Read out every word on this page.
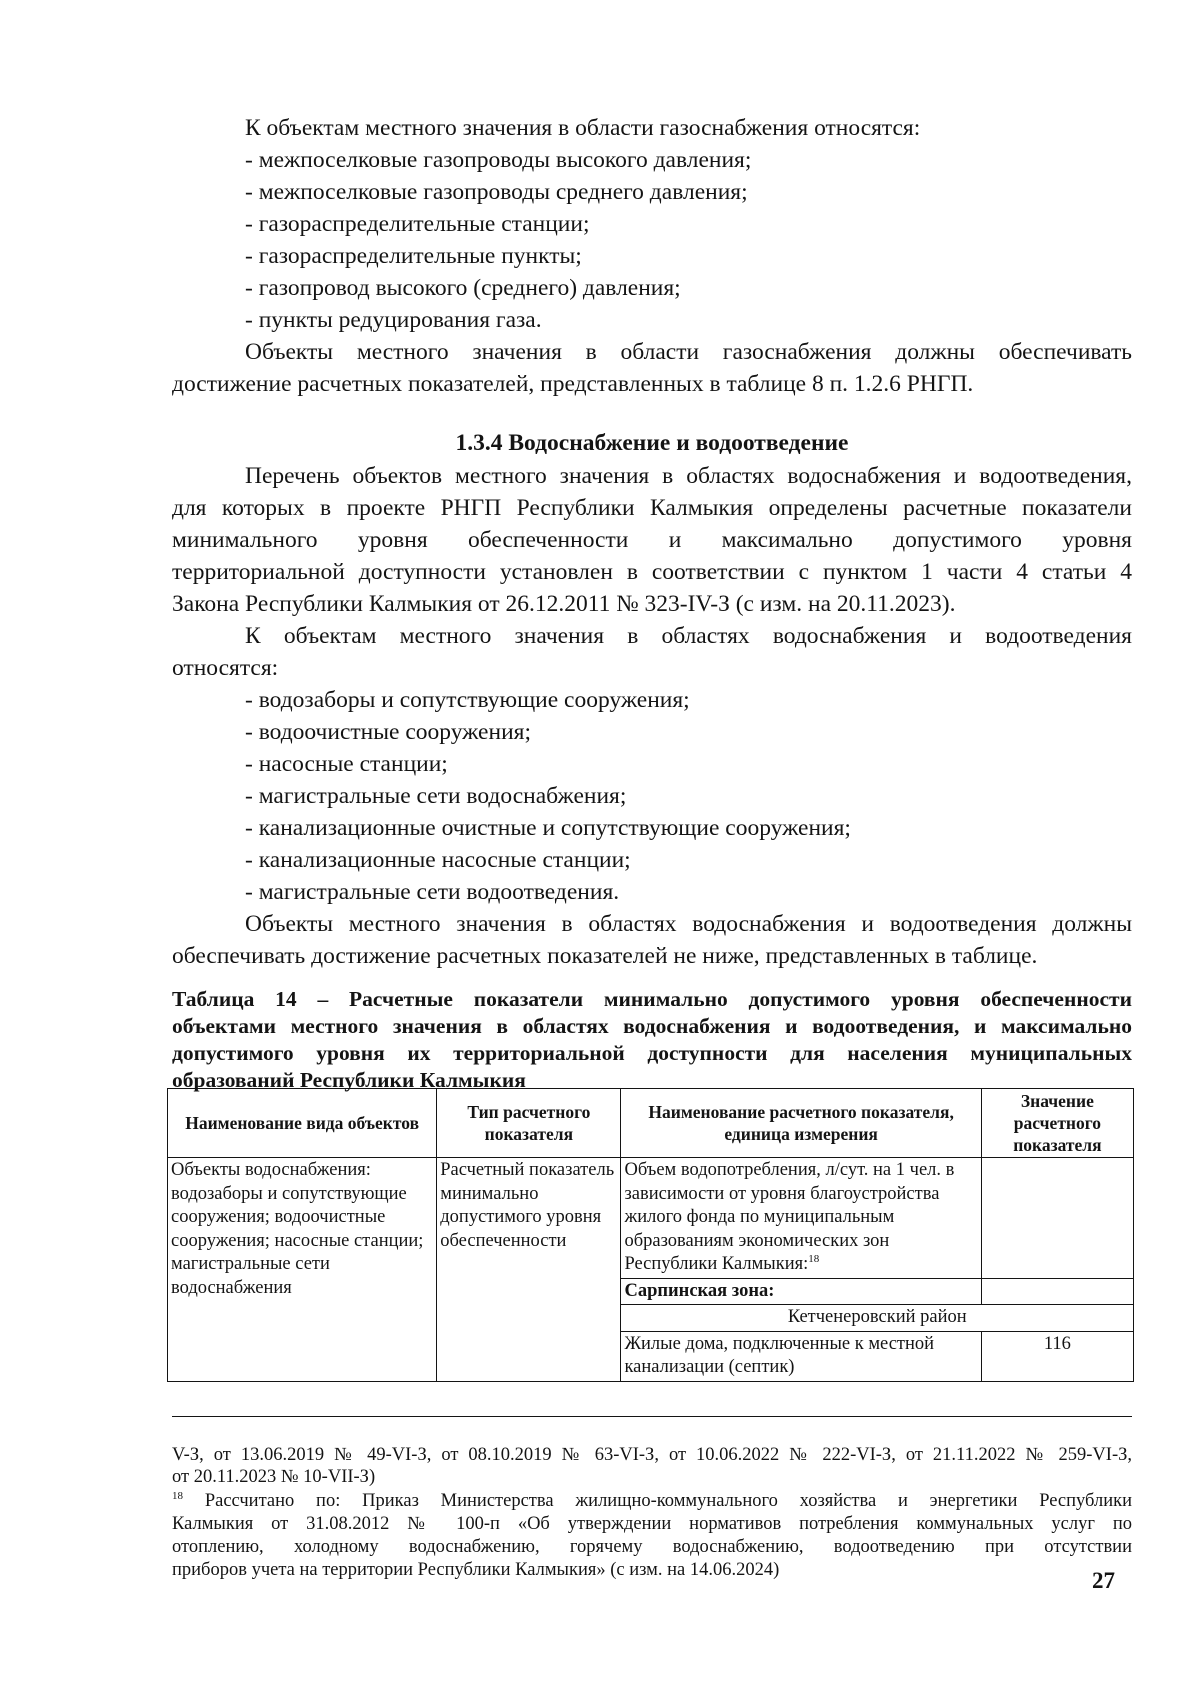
К объектам местного значения в области газоснабжения относятся:
- межпоселковые газопроводы высокого давления;
- межпоселковые газопроводы среднего давления;
- газораспределительные станции;
- газораспределительные пункты;
- газопровод высокого (среднего) давления;
- пункты редуцирования газа.
Объекты местного значения в области газоснабжения должны обеспечивать
достижение расчетных показателей, представленных в таблице 8 п. 1.2.6 РНГП.
1.3.4 Водоснабжение и водоотведение
Перечень объектов местного значения в областях водоснабжения и водоотведения,
для которых в проекте РНГП Республики Калмыкия определены расчетные показатели
минимального уровня обеспеченности и максимально допустимого уровня
территориальной доступности установлен в соответствии с пунктом 1 части 4 статьи 4
Закона Республики Калмыкия от 26.12.2011 № 323-IV-З (с изм. на 20.11.2023).
К объектам местного значения в областях водоснабжения и водоотведения
относятся:
- водозаборы и сопутствующие сооружения;
- водоочистные сооружения;
- насосные станции;
- магистральные сети водоснабжения;
- канализационные очистные и сопутствующие сооружения;
- канализационные насосные станции;
- магистральные сети водоотведения.
Объекты местного значения в областях водоснабжения и водоотведения должны
обеспечивать достижение расчетных показателей не ниже, представленных в таблице.
Таблица 14 – Расчетные показатели минимально допустимого уровня обеспеченности
объектами местного значения в областях водоснабжения и водоотведения, и максимально
допустимого уровня их территориальной доступности для населения муниципальных
образований Республики Калмыкия
Наименование вида объектов	Тип расчетного показателя	Наименование расчетного показателя, единица измерения	Значение расчетного показателя
Объекты водоснабжения: водозаборы и сопутствующие сооружения; водоочистные сооружения; насосные станции; магистральные сети водоснабжения	Расчетный показатель минимально допустимого уровня обеспеченности	Объем водопотребления, л/сут. на 1 чел. в зависимости от уровня благоустройства жилого фонда по муниципальным образованиям экономических зон Республики Калмыкия:$^{18}$	
		Сарпинская зона:	
		Кетченеровский район	
		Жилые дома, подключенные к местной канализации (септик)	116
V-З, от 13.06.2019 № 49-VI-З, от 08.10.2019 № 63-VI-З, от 10.06.2022 № 222-VI-З, от 21.11.2022 № 259-VI-З,
от 20.11.2023 № 10-VII-З)
$^{18}$ Рассчитано по: Приказ Министерства жилищно-коммунального хозяйства и энергетики Республики
Калмыкия от 31.08.2012 № 100-п «Об утверждении нормативов потребления коммунальных услуг по
отоплению, холодному водоснабжению, горячему водоснабжению, водоотведению при отсутствии
приборов учета на территории Республики Калмыкия» (с изм. на 14.06.2024)	27
